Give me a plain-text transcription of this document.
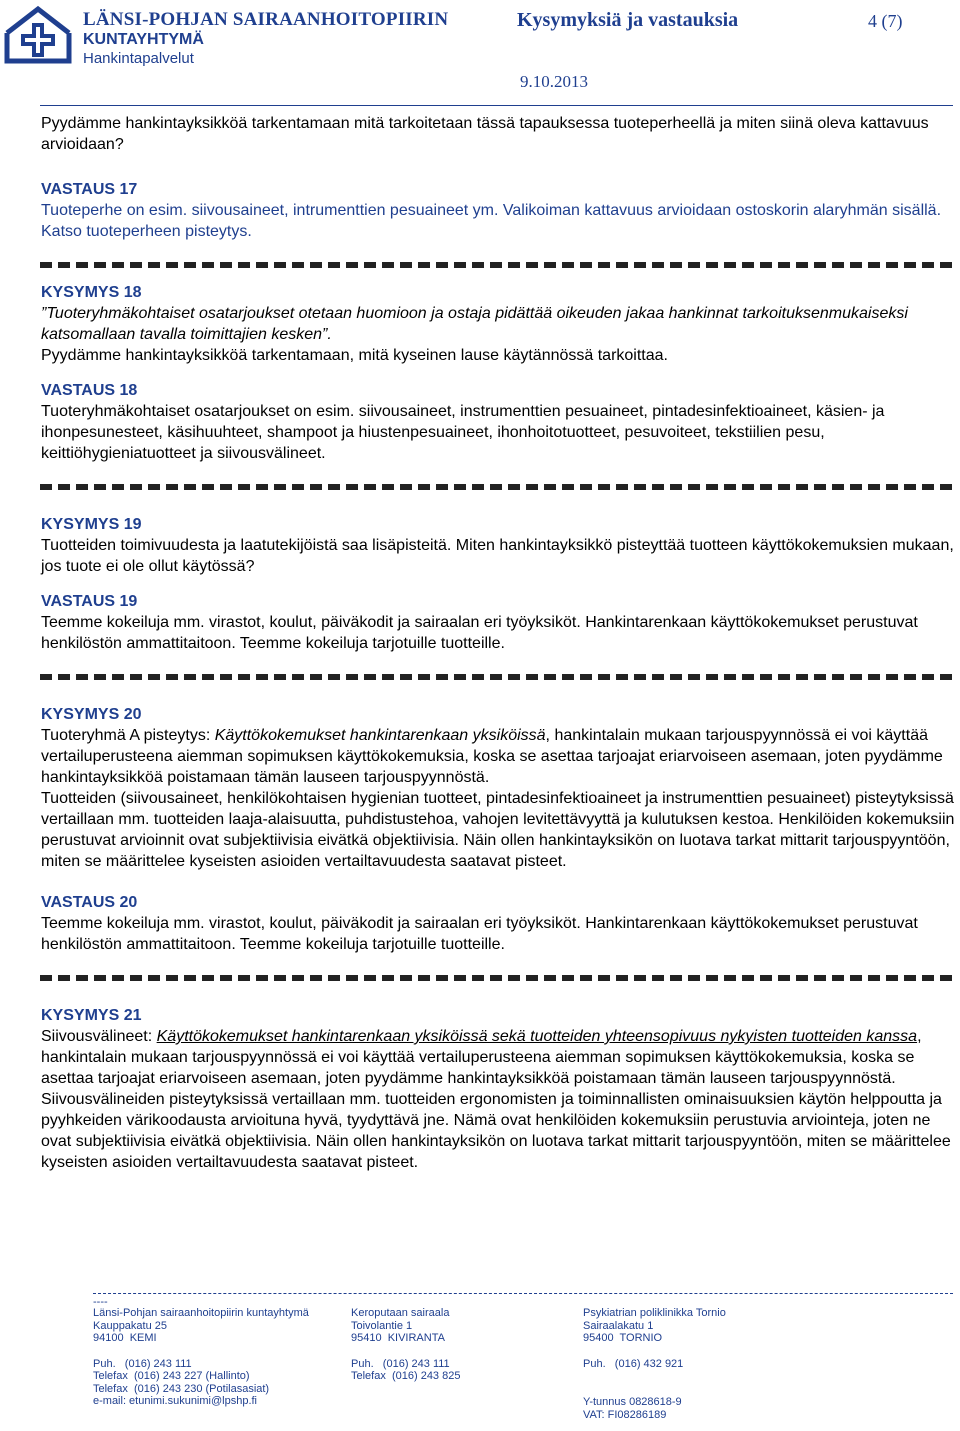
LÄNSI-POHJAN SAIRAANHOITOPIIRIN
KUNTAYHTYMÄ
Hankintapalvelut
Kysymyksiä ja vastauksia	4 (7)
9.10.2013

Pyydämme hankintayksikköä tarkentamaan mitä tarkoitetaan tässä tapauksessa tuoteperheellä ja miten siinä oleva kattavuus arvioidaan?

VASTAUS 17

Tuoteperhe on esim. siivousaineet, intrumenttien pesuaineet ym. Valikoiman kattavuus arvioidaan ostoskorin alaryhmän sisällä. Katso tuoteperheen pisteytys.

KYSYMYS 18

”Tuoteryhmäkohtaiset osatarjoukset otetaan huomioon ja ostaja pidättää oikeuden jakaa hankinnat tarkoituksenmukaiseksi katsomallaan tavalla toimittajien kesken”.

Pyydämme hankintayksikköä tarkentamaan, mitä kyseinen lause käytännössä tarkoittaa.

VASTAUS 18

Tuoteryhmäkohtaiset osatarjoukset on esim. siivousaineet, instrumenttien pesuaineet, pintadesinfektioaineet, käsien- ja ihonpesunesteet, käsihuuhteet, shampoot ja hiustenpesuaineet, ihonhoitotuotteet, pesuvoiteet, tekstiilien pesu, keittiöhygieniatuotteet ja siivousvälineet.

KYSYMYS 19

Tuotteiden toimivuudesta ja laatutekijöistä saa lisäpisteitä. Miten hankintayksikkö pisteyttää tuotteen käyttökokemuksien mukaan, jos tuote ei ole ollut käytössä?

VASTAUS 19

Teemme kokeiluja mm. virastot, koulut, päiväkodit ja sairaalan eri työyksiköt. Hankintarenkaan käyttökokemukset perustuvat henkilöstön ammattitaitoon. Teemme kokeiluja tarjotuille tuotteille.

KYSYMYS 20

Tuoteryhmä A pisteytys: Käyttökokemukset hankintarenkaan yksiköissä, hankintalain mukaan tarjouspyynnössä ei voi käyttää vertailuperusteena aiemman sopimuksen käyttökokemuksia, koska se asettaa tarjoajat eriarvoiseen asemaan, joten pyydämme hankintayksikköä poistamaan tämän lauseen tarjouspyynnöstä.

Tuotteiden (siivousaineet, henkilökohtaisen hygienian tuotteet, pintadesinfektioaineet ja instrumenttien pesuaineet) pisteytyksissä vertaillaan mm. tuotteiden laaja-alaisuutta, puhdistustehoa, vahojen levitettävyyttä ja kulutuksen kestoa. Henkilöiden kokemuksiin perustuvat arvioinnit ovat subjektiivisia eivätkä objektiivisia. Näin ollen hankintayksikön on luotava tarkat mittarit tarjouspyyntöön, miten se määrittelee kyseisten asioiden vertailtavuudesta saatavat pisteet.

VASTAUS 20

Teemme kokeiluja mm. virastot, koulut, päiväkodit ja sairaalan eri työyksiköt. Hankintarenkaan käyttökokemukset perustuvat henkilöstön ammattitaitoon. Teemme kokeiluja tarjotuille tuotteille.

KYSYMYS 21

Siivousvälineet: Käyttökokemukset hankintarenkaan yksiköissä sekä tuotteiden yhteensopivuus nykyisten tuotteiden kanssa, hankintalain mukaan tarjouspyynnössä ei voi käyttää vertailuperusteena aiemman sopimuksen käyttökokemuksia, koska se asettaa tarjoajat eriarvoiseen asemaan, joten pyydämme hankintayksikköä poistamaan tämän lauseen tarjouspyynnöstä.

Siivousvälineiden pisteytyksissä vertaillaan mm. tuotteiden ergonomisten ja toiminnallisten ominaisuuksien käytön helppoutta ja pyyhkeiden värikoodausta arvioituna hyvä, tyydyttävä jne. Nämä ovat henkilöiden kokemuksiin perustuvia arviointeja, joten ne ovat subjektiivisia eivätkä objektiivisia. Näin ollen hankintayksikön on luotava tarkat mittarit tarjouspyyntöön, miten se määrittelee kyseisten asioiden vertailtavuudesta saatavat pisteet.

----
Länsi-Pohjan sairaanhoitopiirin kuntayhtymä
Kauppakatu 25
94100  KEMI
Puh.   (016) 243 111
Telefax  (016) 243 227 (Hallinto)
Telefax  (016) 243 230 (Potilasasiat)
e-mail: etunimi.sukunimi@lpshp.fi
Keroputaan sairaala
Toivolantie 1
95410  KIVIRANTA
Puh.   (016) 243 111
Telefax  (016) 243 825
Psykiatrian poliklinikka Tornio
Sairaalakatu 1
95400  TORNIO
Puh.   (016) 432 921
Y-tunnus 0828618-9
VAT: FI08286189
